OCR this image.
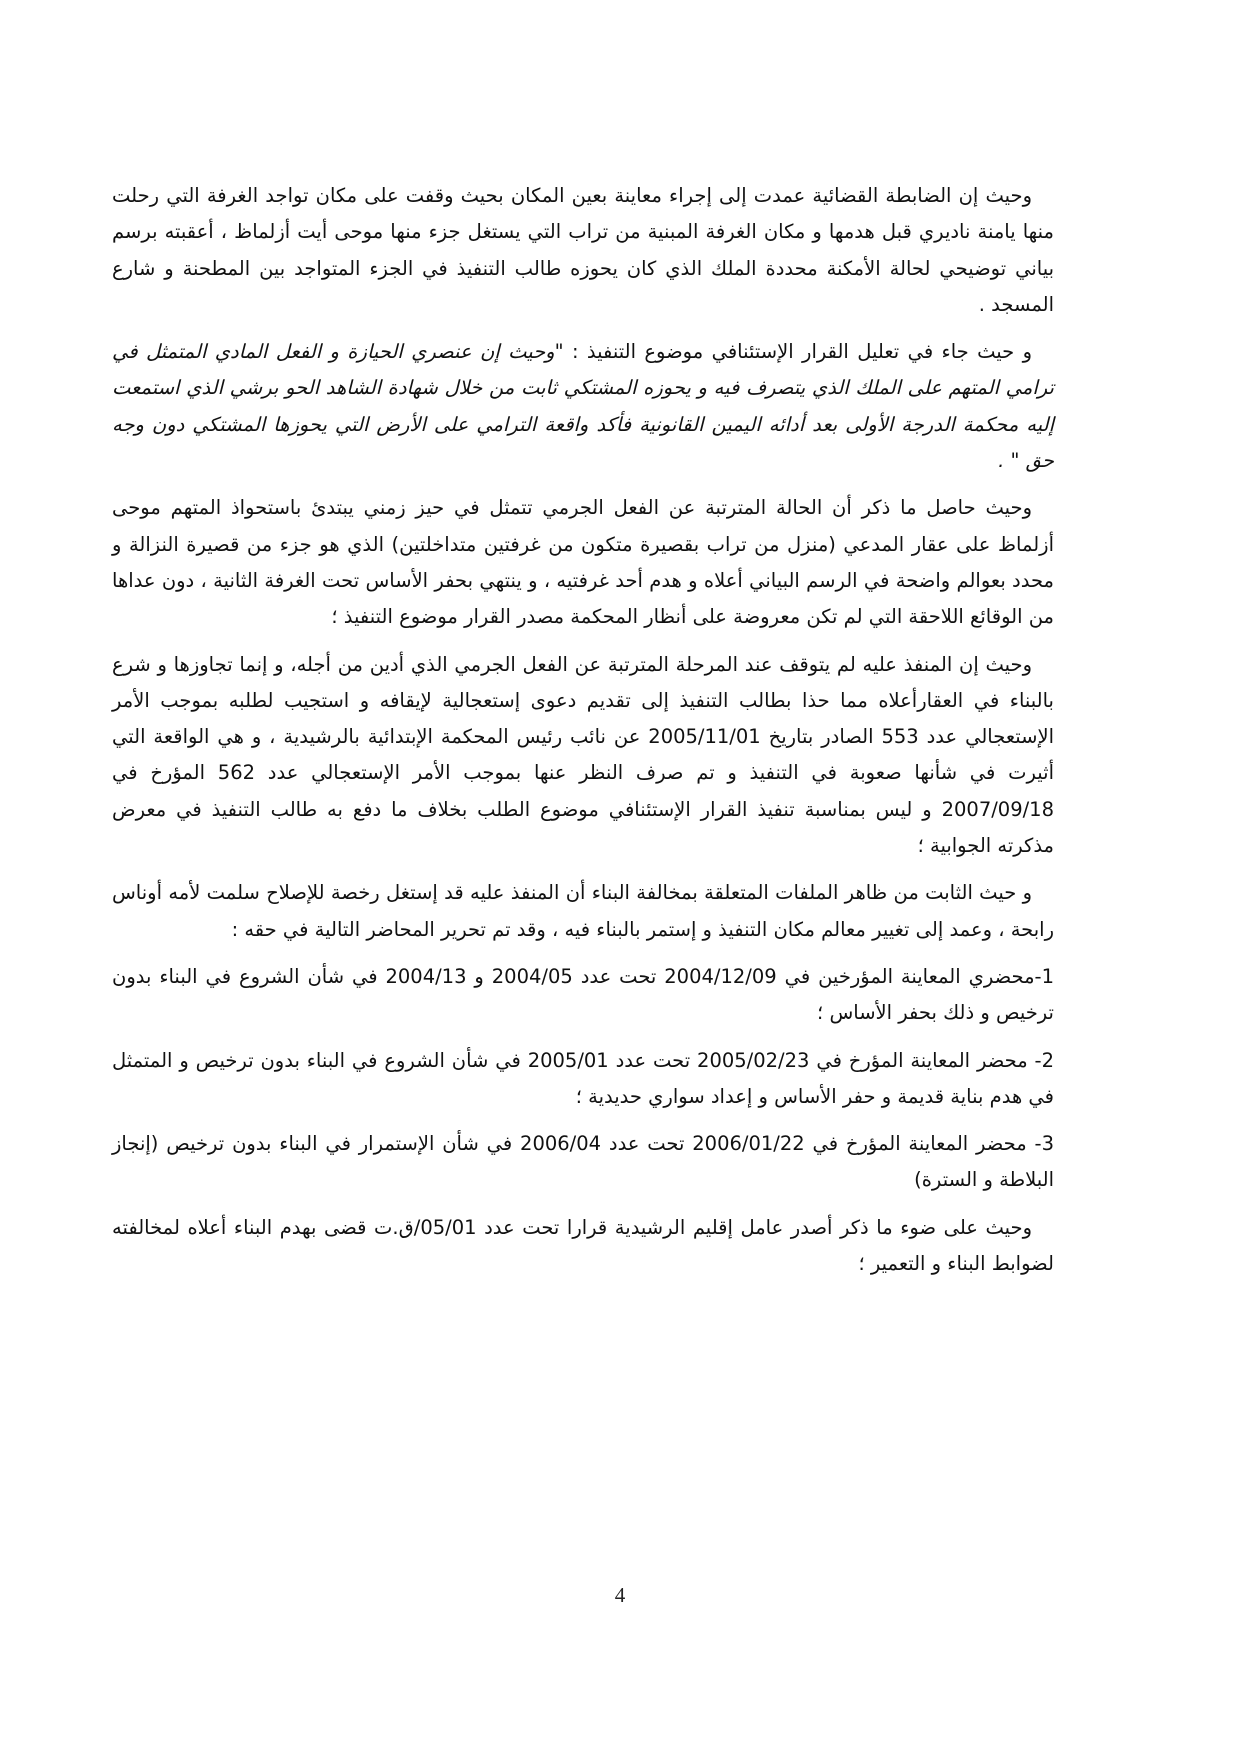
وحيث إن الضابطة القضائية عمدت إلى إجراء معاينة بعين المكان بحيث وقفت على مكان تواجد الغرفة التي رحلت منها يامنة ناديري قبل هدمها و مكان الغرفة المبنية من تراب التي يستغل جزء منها موحى أيت أزلماظ ، أعقبته برسم بياني توضيحي لحالة الأمكنة محددة الملك الذي كان يحوزه طالب التنفيذ في الجزء المتواجد بين المطحنة و شارع المسجد .

و حيث جاء في تعليل القرار الإستئنافي موضوع التنفيذ : "وحيث إن عنصري الحيازة و الفعل المادي المتمثل في ترامي المتهم على الملك الذي يتصرف فيه و يحوزه المشتكي ثابت من خلال شهادة الشاهد الحو برشي الذي استمعت إليه محكمة الدرجة الأولى بعد أدائه اليمين القانونية فأكد واقعة الترامي على الأرض التي يحوزها المشتكي دون وجه حق " .

وحيث حاصل ما ذكر أن الحالة المترتبة عن الفعل الجرمي تتمثل في حيز زمني يبتدئ باستحواذ المتهم موحى أزلماظ على عقار المدعي (منزل من تراب بقصيرة متكون من غرفتين متداخلتين) الذي هو جزء من قصيرة النزالة و محدد بعوالم واضحة في الرسم البياني أعلاه و هدم أحد غرفتيه ، و ينتهي بحفر الأساس تحت الغرفة الثانية ، دون عداها من الوقائع اللاحقة التي لم تكن معروضة على أنظار المحكمة مصدر القرار موضوع التنفيذ ؛

وحيث إن المنفذ عليه لم يتوقف عند المرحلة المترتبة عن الفعل الجرمي الذي أدين من أجله، و إنما تجاوزها و شرع بالبناء في العقارأعلاه مما حذا بطالب التنفيذ إلى تقديم دعوى إستعجالية لإيقافه و استجيب لطلبه بموجب الأمر الإستعجالي عدد 553 الصادر بتاريخ 2005/11/01 عن نائب رئيس المحكمة الإبتدائية بالرشيدية ، و هي الواقعة التي أثيرت في شأنها صعوبة في التنفيذ و تم صرف النظر عنها بموجب الأمر الإستعجالي عدد 562 المؤرخ في 2007/09/18 و ليس بمناسبة تنفيذ القرار الإستئنافي موضوع الطلب بخلاف ما دفع به طالب التنفيذ في معرض مذكرته الجوابية ؛

و حيث الثابت من ظاهر الملفات المتعلقة بمخالفة البناء أن المنفذ عليه قد إستغل رخصة للإصلاح سلمت لأمه أوناس رابحة ، وعمد إلى تغيير معالم مكان التنفيذ و إستمر بالبناء فيه ، وقد تم تحرير المحاضر التالية في حقه :

1-محضري المعاينة المؤرخين في 2004/12/09 تحت عدد 2004/05 و 2004/13 في شأن الشروع في البناء بدون ترخيص و ذلك بحفر الأساس ؛

2- محضر المعاينة المؤرخ في 2005/02/23 تحت عدد 2005/01 في شأن الشروع في البناء بدون ترخيص و المتمثل في هدم بناية قديمة و حفر الأساس و إعداد سواري حديدية ؛

3- محضر المعاينة المؤرخ في 2006/01/22 تحت عدد 2006/04 في شأن الإستمرار في البناء بدون ترخيص (إنجاز البلاطة و السترة)

وحيث على ضوء ما ذكر أصدر عامل إقليم الرشيدية قرارا تحت عدد 05/01/ق.ت قضى بهدم البناء أعلاه لمخالفته لضوابط البناء و التعمير ؛

4
